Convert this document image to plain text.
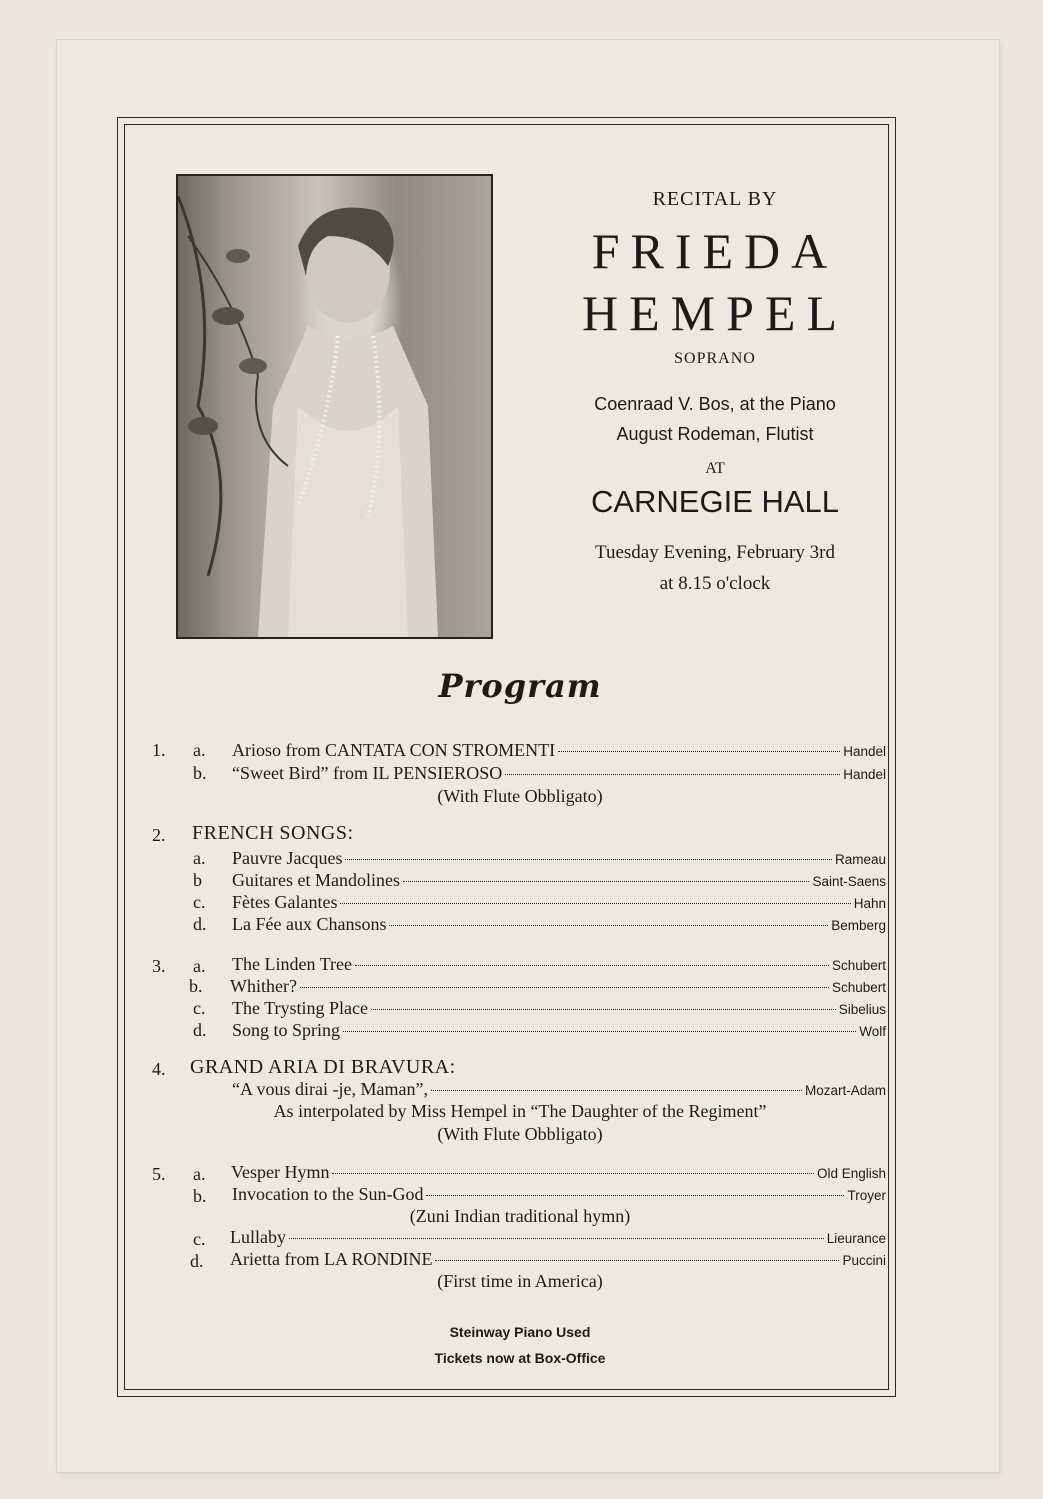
RECITAL BY
FRIEDA
HEMPEL
SOPRANO
Coenraad V. Bos, at the Piano
August Rodeman, Flutist
AT
CARNEGIE HALL
Tuesday Evening, February 3rd
at 8.15 o'clock
Program
1. a. Arioso from CANTATA CON STROMENTI	Handel
b. “Sweet Bird” from IL PENSIEROSO	Handel
(With Flute Obbligato)
2. FRENCH SONGS:
a. Pauvre Jacques	Rameau
b Guitares et Mandolines	Saint-Saens
c. Fètes Galantes	Hahn
d. La Fée aux Chansons	Bemberg
3. a. The Linden Tree	Schubert
b. Whither?	Schubert
c. The Trysting Place	Sibelius
d. Song to Spring	Wolf
4. GRAND ARIA DI BRAVURA:
“A vous dirai -je, Maman”,	Mozart-Adam
As interpolated by Miss Hempel in “The Daughter of the Regiment”
(With Flute Obbligato)
5. a. Vesper Hymn	Old English
b. Invocation to the Sun-God	Troyer
(Zuni Indian traditional hymn)
c. Lullaby	Lieurance
d. Arietta from LA RONDINE	Puccini
(First time in America)
Steinway Piano Used
Tickets now at Box-Office
